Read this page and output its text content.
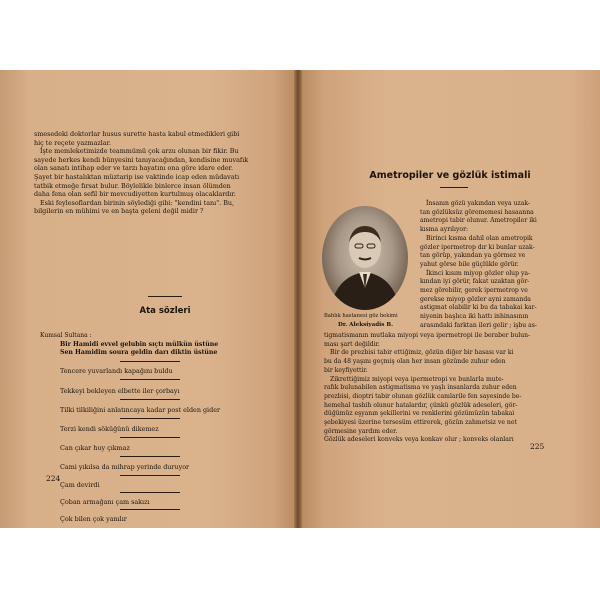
smesedeki doktorlar husus surette hasta kabul etmedikleri gibi
hiç te reçete yazmazlar.
İşte memleketimizde teammümü çok arzu olunan bir fikir. Bu
sayede herkes kendi bünyesini tanıyacağından, kendisine muvafık
olan sanatı intihap eder ve tarzı hayatını ona göre idare eder.
Şayet bir hastalıktan müztarip ise vaktinde icap eden müdavatı
tatbik etmeğe fırsat bulur. Böylelikle binlerce insan ölümden
daha fena olan sefil bir mevcudiyetten kurtulmuş olacaklardır.
Eski feylesoflardan birinin söylediği gibi: "kendini tanı". Bu,
bilgilerin en mühimi ve en başta geleni değil midir ?
Ata sözleri
Kumsal Sultana :
Bir Hamidi evvel gelubin sıçtı mülkün üstüne
Sen Hamidim soura geldin darı diktin üstüne
Tencere yuvarlandı kapağını buldu
Tekkeyi bekleyen elbette iler çorbayı
Tilki tilkiliğini anlatıncaya kadar post elden gider
Terzi kendi söküğünü dikemez
Can çıkar huy çıkmaz
Cami yıkılsa da mihrap yerinde duruyor
Çam devirdi
Çoban armağanı çam sakızı
Çok bilen çok yanılır
Ametropiler ve gözlük istimali
Bahlık hastanesi göz hekimi
Dr. Aleksiyadis B.
İnsanın gözü yakından veya uzak-
tan gözlüksüz görememesi hasaanna
ametropi tabir olunur. Ametropiler iki
kısma ayrılıyor:
Birinci kısma dahil olan ametropik
gözler ipermetrop dır ki bunlar uzak-
tan görüp, yakından ya görmez ve
yahut görse bile güçlükle görür.
İkinci kısım miyop gözler olup ya-
kından iyi görür, fakat uzaktan gör-
mez görebilir, gerek ipermetrop ve
gerekse miyop gözler ayni zamanda
astigmat olabilir ki bu da tabakai kar-
niyenin başlıca iki hattı inhinasının
arasındaki farktan ileri gelir ; işbu as-
tigmatismanın mutlaka miyopi veya ipermetropi ile beraber bulun-
ması şart değildir.
Bir de prezbisi tabir ettiğimiz, gözün diğer bir hasası var ki
bu da 48 yaşını geçmiş olan her insan gözünde zuhur eden
bir keyfiyettir.
Zikrettiğimiz miyopi veya ipermetropi ve bunlarla mute-
rafık bulunabilen astigmatisma ve yaşlı insanlarda zuhur eden
prezbisi, dioptri tabir olunan gözlük camlarile fen sayesinde be-
hemehal tashih olunur hatalardır, çünkü gözlük adeseleri, gör-
düğümüz eşyanın şekillerini ve renklerini gözümüzün tabakai
şebekiyesi üzerine tersesüm ettirerek, gözün zahmetsiz ve net
görmesine yardım eder.
Gözlük adeseleri konveks veya konkav olur ; konveks olanları
224
225
